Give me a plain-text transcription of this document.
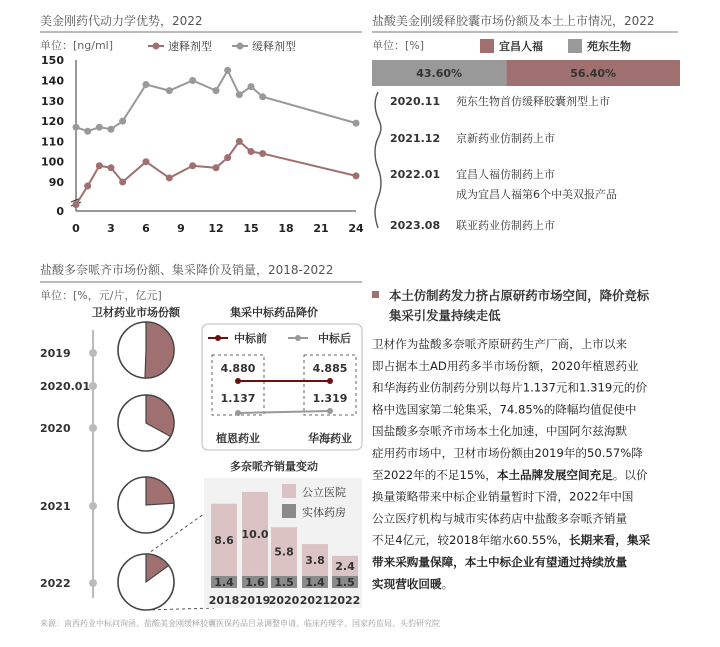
美金刚药代动力学优势，2022
单位：[ng/ml]	速释剂型	缓释剂型
0
90
100
110
120
130
140
150
0 3 6 9 12 15 18 21 24
盐酸美金刚缓释胶囊市场份额及本土上市情况，2022
单位：[%]	宜昌人福	苑东生物
43.60%	56.40%
2020.11 苑东生物首仿缓释胶囊剂型上市
2021.12 京新药业仿制药上市
2022.01 宜昌人福仿制药上市
成为宜昌人福第6个中美双报产品
2023.08 联亚药业仿制药上市
盐酸多奈哌齐市场份额、集采降价及销量，2018-2022
单位：[%，元/片，亿元]
卫材药业市场份额
2019
2020.01
2020
2021
2022
集采中标药品降价
中标前	中标后
4.880	4.885
1.137	1.319
植恩药业	华海药业
多奈哌齐销量变动
公立医院
实体药房
1.4
8.6
2018
1.6
10.0
2019
1.5
5.8
2020
1.4
3.8
2021
1.5
2.4
2022
本土仿制药发力挤占原研药市场空间，降价竞标
集采引发量持续走低
卫材作为盐酸多奈哌齐原研药生产厂商，上市以来
即占据本土AD用药多半市场份额，2020年植恩药业
和华海药业仿制药分别以每片1.137元和1.319元的价
格中选国家第二轮集采，74.85%的降幅均值促使中
国盐酸多奈哌齐市场本土化加速，中国阿尔兹海默
症用药市场中，卫材市场份额由2019年的50.57%降
至2022年的不足15%，本土品牌发展空间充足。以价
换量策略带来中标企业销量暂时下滑，2022年中国
公立医疗机构与城市实体药店中盐酸多奈哌齐销量
不足4亿元，较2018年缩水60.55%，长期来看，集采
带来采购量保障，本土中标企业有望通过持续放量
实现营收回暖。
来源：南西药业中标问询函、盐酸美金刚缓释胶囊医保药品目录调整申请、临床药理学、国家药监局、头豹研究院
